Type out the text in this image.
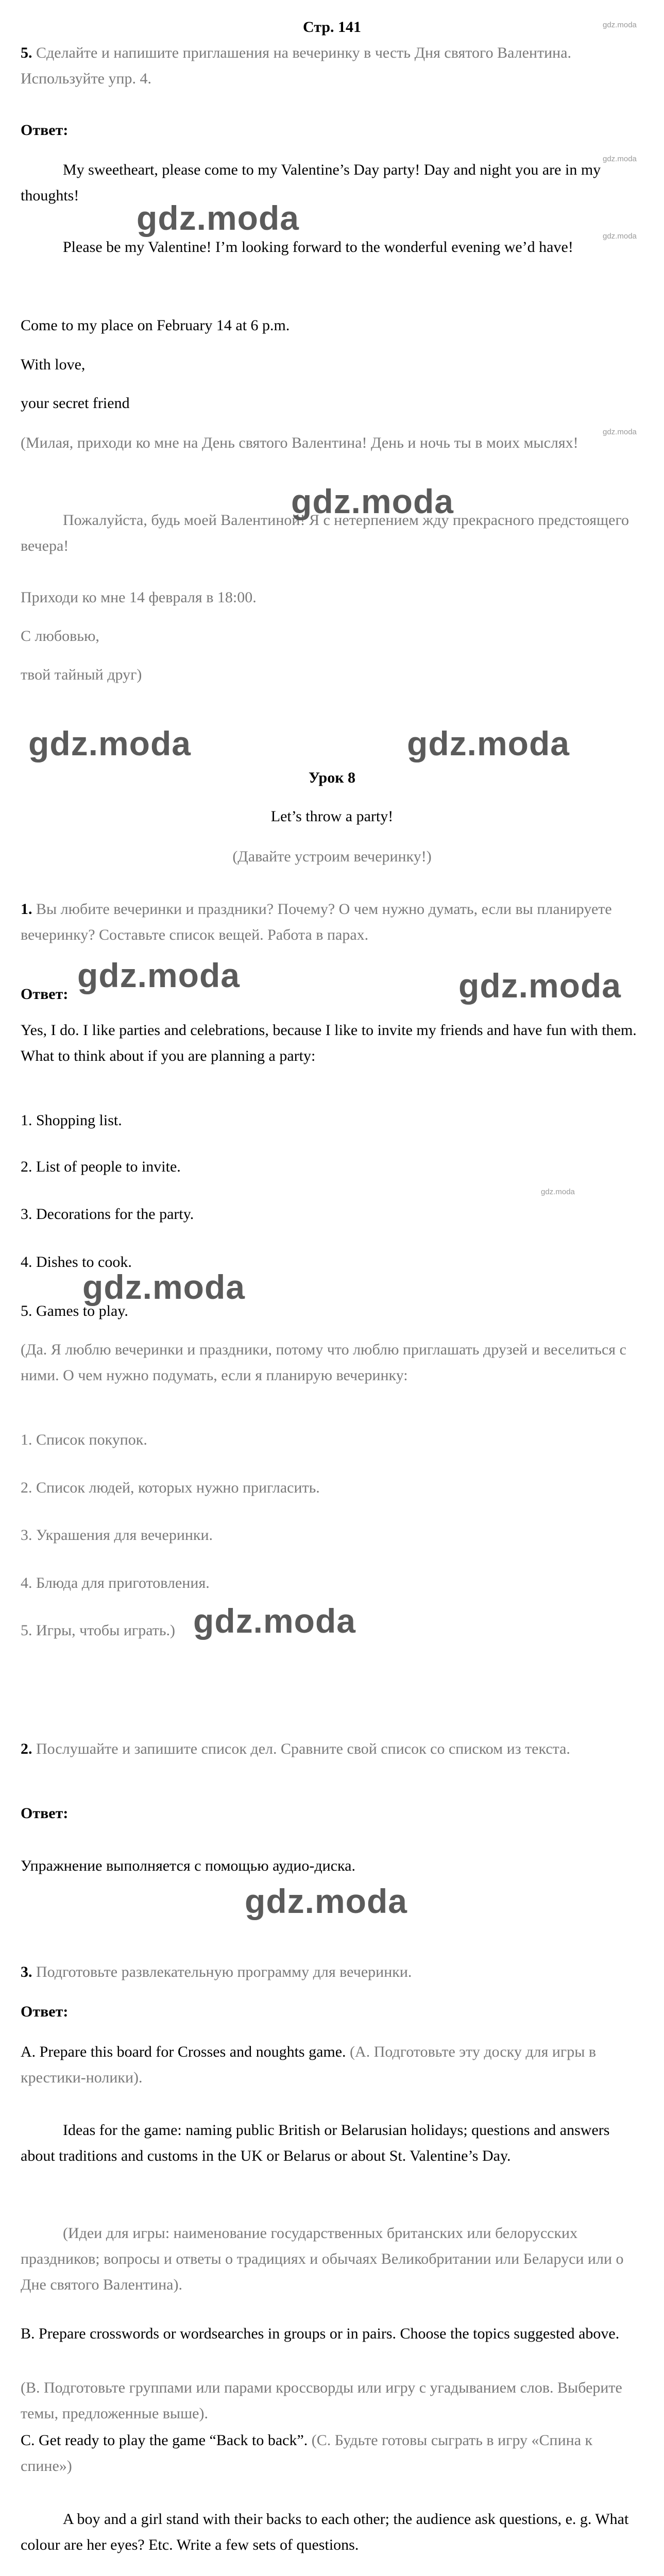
Стр. 141
5. Сделайте и напишите приглашения на вечеринку в честь Дня святого Валентина. Используйте упр. 4.
Ответ:
My sweetheart, please come to my Valentine’s Day party! Day and night you are in my thoughts!
Please be my Valentine! I’m looking forward to the wonderful evening we’d have!
Come to my place on February 14 at 6 p.m.
With love,
your secret friend
(Милая, приходи ко мне на День святого Валентина! День и ночь ты в моих мыслях!
Пожалуйста, будь моей Валентиной! Я с нетерпением жду прекрасного предстоящего вечера!
Приходи ко мне 14 февраля в 18:00.
С любовью,
твой тайный друг)
Урок 8
Let’s throw a party!
(Давайте устроим вечеринку!)
1. Вы любите вечеринки и праздники? Почему? О чем нужно думать, если вы планируете вечеринку? Составьте список вещей. Работа в парах.
Ответ:
Yes, I do. I like parties and celebrations, because I like to invite my friends and have fun with them. What to think about if you are planning a party:
1. Shopping list.
2. List of people to invite.
3. Decorations for the party.
4. Dishes to cook.
5. Games to play.
(Да. Я люблю вечеринки и праздники, потому что люблю приглашать друзей и веселиться с ними. О чем нужно подумать, если я планирую вечеринку:
1. Список покупок.
2. Список людей, которых нужно пригласить.
3. Украшения для вечеринки.
4. Блюда для приготовления.
5. Игры, чтобы играть.)
2. Послушайте и запишите список дел. Сравните свой список со списком из текста.
Ответ:
Упражнение выполняется с помощью аудио-диска.
3. Подготовьте развлекательную программу для вечеринки.
Ответ:
A. Prepare this board for Crosses and noughts game. (А. Подготовьте эту доску для игры в крестики-нолики).
Ideas for the game: naming public British or Belarusian holidays; questions and answers about traditions and customs in the UK or Belarus or about St. Valentine’s Day.
(Идеи для игры: наименование государственных британских или белорусских праздников; вопросы и ответы о традициях и обычаях Великобритании или Беларуси или о Дне святого Валентина).
B. Prepare crosswords or wordsearches in groups or in pairs. Choose the topics suggested above.
(B. Подготовьте группами или парами кроссворды или игру с угадыванием слов. Выберите темы, предложенные выше).
C. Get ready to play the game “Back to back”. (С. Будьте готовы сыграть в игру «Спина к спине»)
A boy and a girl stand with their backs to each other; the audience ask questions, e. g. What colour are her eyes? Etc. Write a few sets of questions.
gdz.moda
gdz.moda
gdz.moda	gdz.moda
gdz.moda	gdz.moda
gdz.moda
gdz.moda
gdz.moda
gdz.moda
gdz.moda
gdz.moda
gdz.moda
gdz.moda
